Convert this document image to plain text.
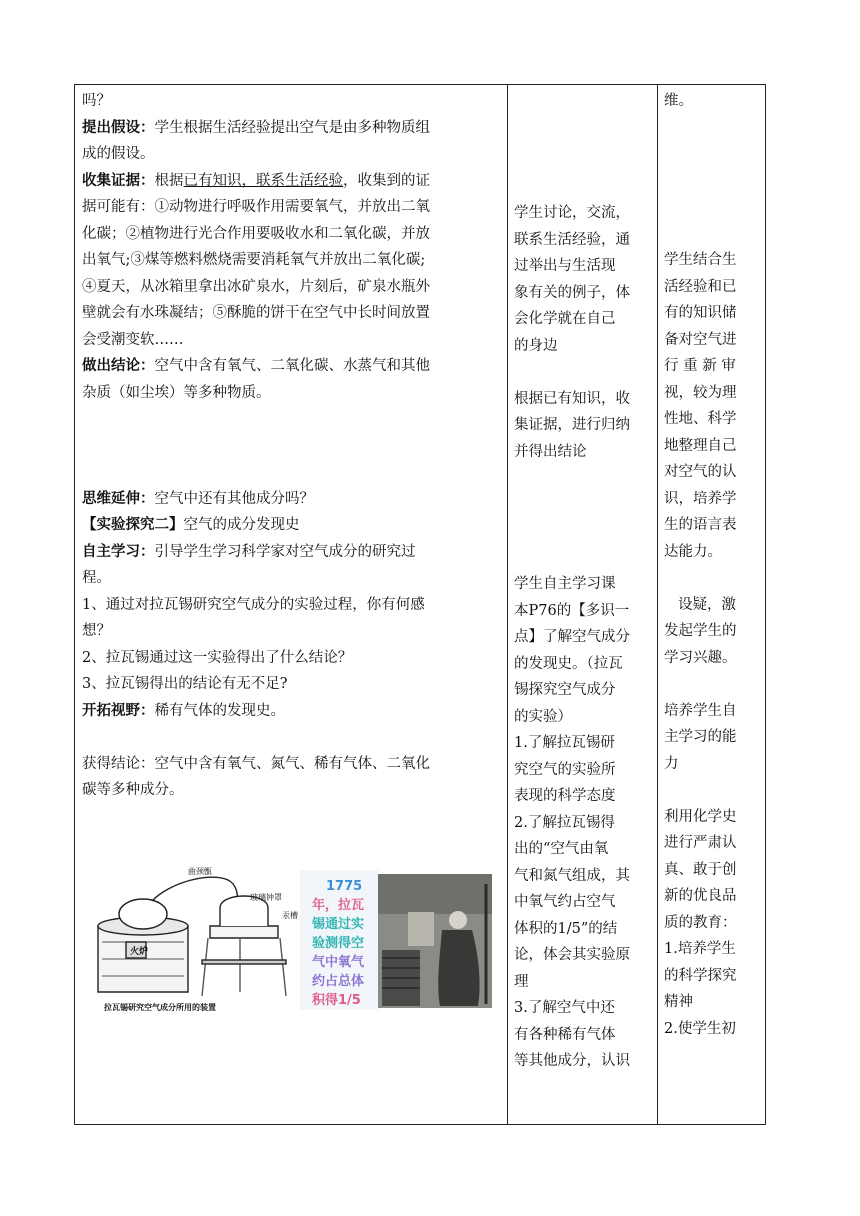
吗？
提出假设：学生根据生活经验提出空气是由多种物质组
成的假设。
收集证据：根据已有知识，联系生活经验，收集到的证
据可能有：①动物进行呼吸作用需要氧气，并放出二氧
化碳；②植物进行光合作用要吸收水和二氧化碳，并放
出氧气;③煤等燃料燃烧需要消耗氧气并放出二氧化碳;
④夏天，从冰箱里拿出冰矿泉水，片刻后，矿泉水瓶外
壁就会有水珠凝结；⑤酥脆的饼干在空气中长时间放置
会受潮变软……
做出结论：空气中含有氧气、二氧化碳、水蒸气和其他
杂质（如尘埃）等多种物质。
思维延伸：空气中还有其他成分吗？
【实验探究二】空气的成分发现史
自主学习：引导学生学习科学家对空气成分的研究过
程。
1、通过对拉瓦锡研究空气成分的实验过程，你有何感
想？
2、拉瓦锡通过这一实验得出了什么结论？
3、拉瓦锡得出的结论有无不足?
开拓视野：稀有气体的发现史。
获得结论：空气中含有氧气、氮气、稀有气体、二氧化
碳等多种成分。
曲颈甑
玻璃钟罩
汞槽
火炉
拉瓦锡研究空气成分所用的装置
1775
年，拉瓦
锡通过实
验测得空
气中氧气
约占总体
积得1/5
学生讨论，交流，
联系生活经验，通
过举出与生活现
象有关的例子，体
会化学就在自己
的身边
根据已有知识，收
集证据，进行归纳
并得出结论
学生自主学习课
本P76的【多识一
点】了解空气成分
的发现史。（拉瓦
锡探究空气成分
的实验）
1.了解拉瓦锡研
究空气的实验所
表现的科学态度
2.了解拉瓦锡得
出的“空气由氧
气和氮气组成，其
中氧气约占空气
体积的1/5”的结
论，体会其实验原
理
3.了解空气中还
有各种稀有气体
等其他成分，认识
维。
学生结合生
活经验和已
有的知识储
备对空气进
行 重 新 审
视，较为理
性地、科学
地整理自己
对空气的认
识，培养学
生的语言表
达能力。
设疑，激
发起学生的
学习兴趣。
培养学生自
主学习的能
力
利用化学史
进行严肃认
真、敢于创
新的优良品
质的教育：
1.培养学生
的科学探究
精神
2.使学生初
